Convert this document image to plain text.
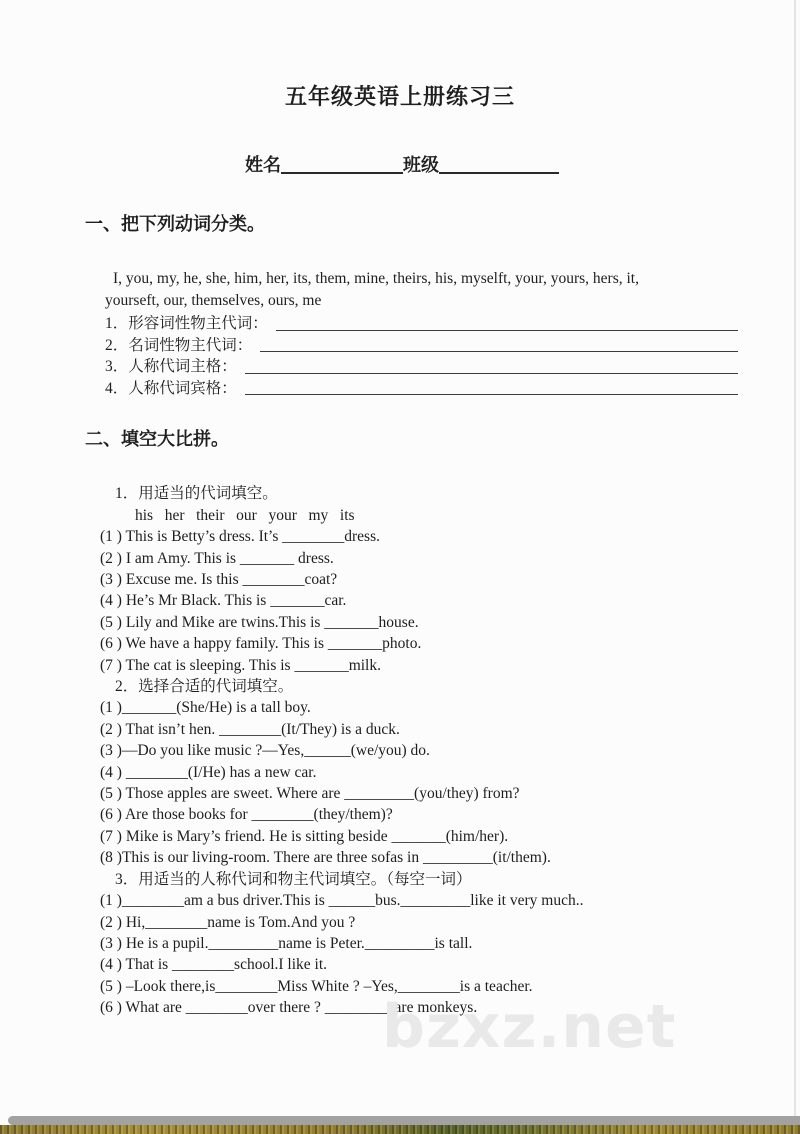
五年级英语上册练习三
姓名	班级
一、把下列动词分类。
I, you, my, he, she, him, her, its, them, mine, theirs, his, myselft, your, yours, hers, it,
yourseft, our, themselves, ours, me
1．形容词性物主代词：
2．名词性物主代词：
3．人称代词主格：
4．人称代词宾格：
二、填空大比拼。
1．用适当的代词填空。
his   her   their   our   your   my   its
(1 ) This is Betty’s dress. It’s ________dress.
(2 ) I am Amy. This is _______ dress.
(3 ) Excuse me. Is this ________coat?
(4 ) He’s Mr Black. This is _______car.
(5 ) Lily and Mike are twins.This is _______house.
(6 ) We have a happy family. This is _______photo.
(7 ) The cat is sleeping. This is _______milk.
2．选择合适的代词填空。
(1 )_______(She/He) is a tall boy.
(2 ) That isn’t hen. ________(It/They) is a duck.
(3 )—Do you like music ?—Yes,______(we/you) do.
(4 ) ________(I/He) has a new car.
(5 ) Those apples are sweet. Where are _________(you/they) from?
(6 ) Are those books for ________(they/them)?
(7 ) Mike is Mary’s friend. He is sitting beside _______(him/her).
(8 )This is our living-room. There are three sofas in _________(it/them).
3．用适当的人称代词和物主代词填空。（每空一词）
(1 )________am a bus driver.This is ______bus._________like it very much..
(2 ) Hi,________name is Tom.And you ?
(3 ) He is a pupil._________name is Peter._________is tall.
(4 ) That is ________school.I like it.
(5 ) –Look there,is________Miss White ? –Yes,________is a teacher.
(6 ) What are ________over there ? _________are monkeys.
bzxz.net
